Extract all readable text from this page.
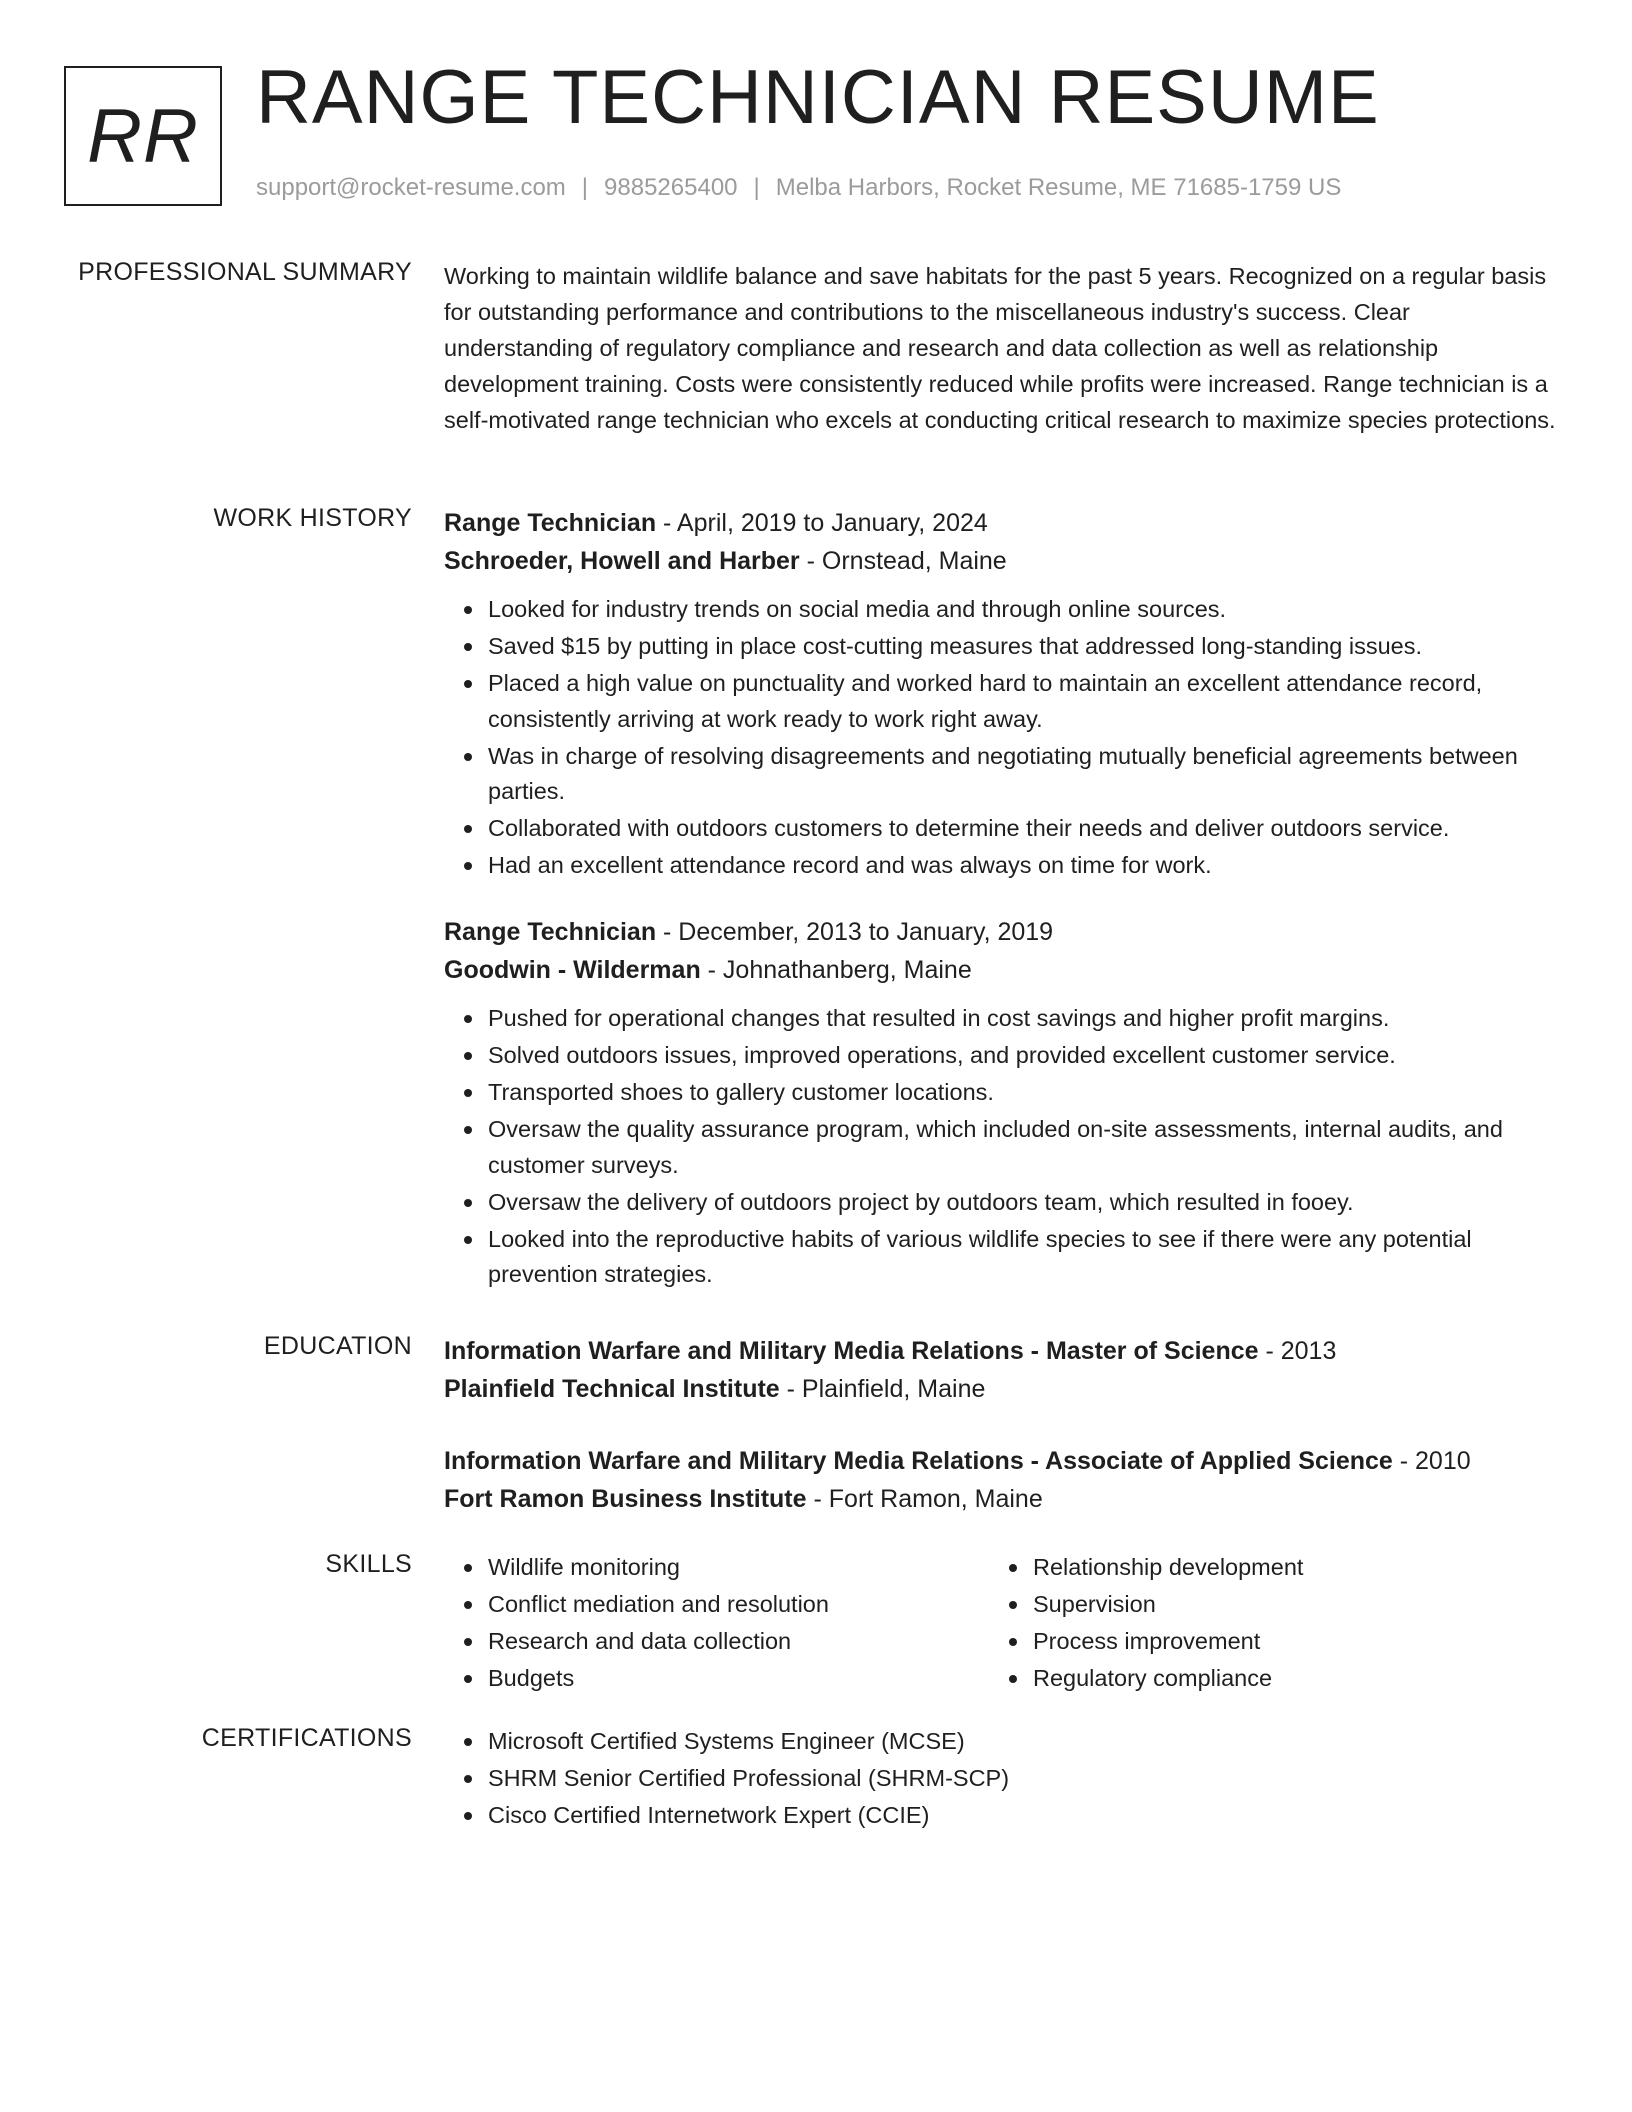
RR RANGE TECHNICIAN RESUME
support@rocket-resume.com | 9885265400 | Melba Harbors, Rocket Resume, ME 71685-1759 US
PROFESSIONAL SUMMARY Working to maintain wildlife balance and save habitats for the past 5 years. Recognized on a regular basis for outstanding performance and contributions to the miscellaneous industry's success. Clear understanding of regulatory compliance and research and data collection as well as relationship development training. Costs were consistently reduced while profits were increased. Range technician is a self-motivated range technician who excels at conducting critical research to maximize species protections.

WORK HISTORY Range Technician - April, 2019 to January, 2024

Schroeder, Howell and Harber - Ornstead, Maine

Looked for industry trends on social media and through online sources.
Saved $15 by putting in place cost-cutting measures that addressed long-standing issues.
Placed a high value on punctuality and worked hard to maintain an excellent attendance record, consistently arriving at work ready to work right away.
Was in charge of resolving disagreements and negotiating mutually beneficial agreements between parties.
Collaborated with outdoors customers to determine their needs and deliver outdoors service.
Had an excellent attendance record and was always on time for work.

Range Technician - December, 2013 to January, 2019

Goodwin - Wilderman - Johnathanberg, Maine

Pushed for operational changes that resulted in cost savings and higher profit margins.
Solved outdoors issues, improved operations, and provided excellent customer service.
Transported shoes to gallery customer locations.
Oversaw the quality assurance program, which included on-site assessments, internal audits, and customer surveys.
Oversaw the delivery of outdoors project by outdoors team, which resulted in fooey.
Looked into the reproductive habits of various wildlife species to see if there were any potential prevention strategies.
EDUCATION Information Warfare and Military Media Relations - Master of Science - 2013

Plainfield Technical Institute - Plainfield, Maine

Information Warfare and Military Media Relations - Associate of Applied Science - 2010

Fort Ramon Business Institute - Fort Ramon, Maine

SKILLS	Wildlife monitoring
Conflict mediation and resolution
Research and data collection
Budgets
Relationship development
Supervision
Process improvement
Regulatory compliance
CERTIFICATIONS	Microsoft Certified Systems Engineer (MCSE)
SHRM Senior Certified Professional (SHRM-SCP)
Cisco Certified Internetwork Expert (CCIE)
